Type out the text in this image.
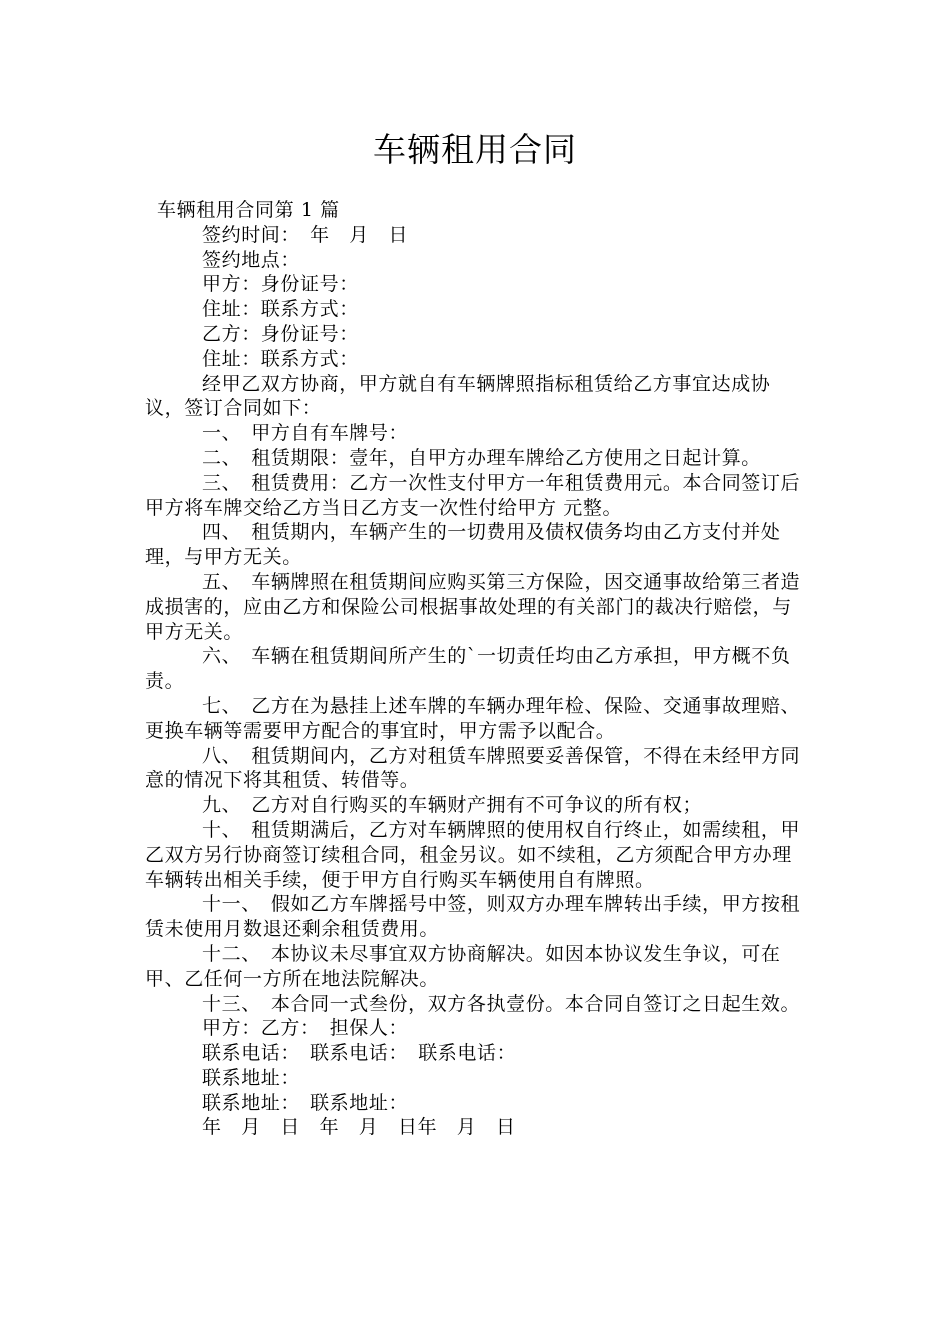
车辆租用合同

车辆租用合同第 1 篇

签约时间：　年　月　日

签约地点：

甲方：身份证号：

住址：联系方式：

乙方：身份证号：

住址：联系方式：

经甲乙双方协商，甲方就自有车辆牌照指标租赁给乙方事宜达成协议，签订合同如下：

一、　甲方自有车牌号：

二、　租赁期限：壹年，自甲方办理车牌给乙方使用之日起计算。

三、　租赁费用：乙方一次性支付甲方一年租赁费用元。本合同签订后甲方将车牌交给乙方当日乙方支一次性付给甲方 元整。

四、　租赁期内，车辆产生的一切费用及债权债务均由乙方支付并处理，与甲方无关。

五、　车辆牌照在租赁期间应购买第三方保险，因交通事故给第三者造成损害的，应由乙方和保险公司根据事故处理的有关部门的裁决行赔偿，与甲方无关。

六、　车辆在租赁期间所产生的`一切责任均由乙方承担，甲方概不负责。

七、　乙方在为悬挂上述车牌的车辆办理年检、保险、交通事故理赔、更换车辆等需要甲方配合的事宜时，甲方需予以配合。

八、　租赁期间内，乙方对租赁车牌照要妥善保管，不得在未经甲方同意的情况下将其租赁、转借等。

九、　乙方对自行购买的车辆财产拥有不可争议的所有权；

十、　租赁期满后，乙方对车辆牌照的使用权自行终止，如需续租，甲乙双方另行协商签订续租合同，租金另议。如不续租，乙方须配合甲方办理车辆转出相关手续，便于甲方自行购买车辆使用自有牌照。

十一、　假如乙方车牌摇号中签，则双方办理车牌转出手续，甲方按租赁未使用月数退还剩余租赁费用。

十二、　本协议未尽事宜双方协商解决。如因本协议发生争议，可在甲、乙任何一方所在地法院解决。

十三、　本合同一式叁份，双方各执壹份。本合同自签订之日起生效。

甲方：乙方：　担保人：

联系电话：　联系电话：　联系电话：

联系地址：

联系地址：　联系地址：

年　月　日　年　月　日年　月　日
